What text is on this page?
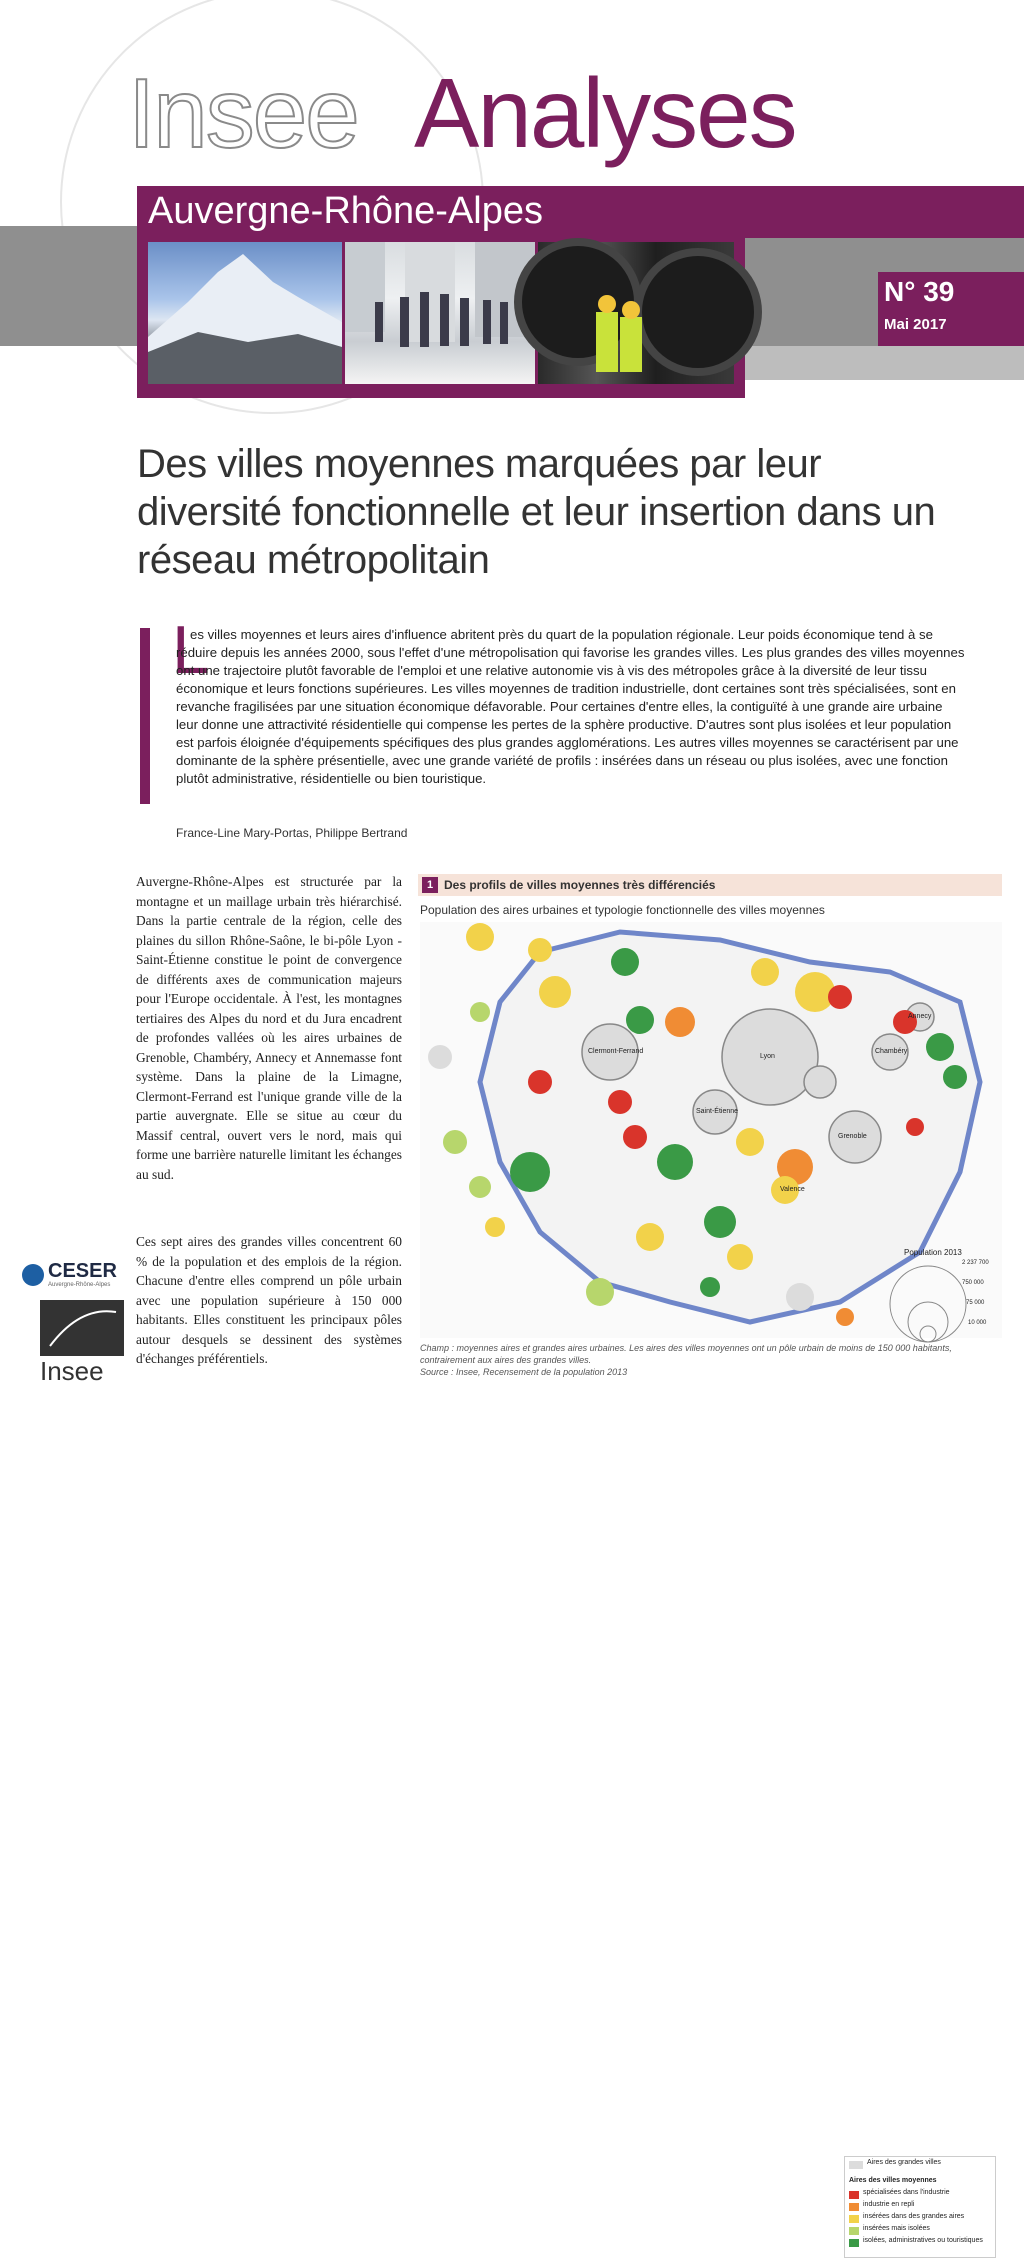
Insee Analyses
Auvergne-Rhône-Alpes
N° 39
Mai 2017
Des villes moyennes marquées par leur diversité fonctionnelle et leur insertion dans un réseau métropolitain
L
es villes moyennes et leurs aires d'influence abritent près du quart de la population régionale. Leur poids économique tend à se réduire depuis les années 2000, sous l'effet d'une métropolisation qui favorise les grandes villes. Les plus grandes des villes moyennes ont une trajectoire plutôt favorable de l'emploi et une relative autonomie vis à vis des métropoles grâce à la diversité de leur tissu économique et leurs fonctions supérieures. Les villes moyennes de tradition industrielle, dont certaines sont très spécialisées, sont en revanche fragilisées par une situation économique défavorable. Pour certaines d'entre elles, la contiguïté à une grande aire urbaine leur donne une attractivité résidentielle qui compense les pertes de la sphère productive. D'autres sont plus isolées et leur population est parfois éloignée d'équipements spécifiques des plus grandes agglomérations. Les autres villes moyennes se caractérisent par une dominante de la sphère présentielle, avec une grande variété de profils : insérées dans un réseau ou plus isolées, avec une fonction plutôt administrative, résidentielle ou bien touristique.
France-Line Mary-Portas, Philippe Bertrand
Auvergne-Rhône-Alpes est structurée par la montagne et un maillage urbain très hiérarchisé. Dans la partie centrale de la région, celle des plaines du sillon Rhône-Saône, le bi-pôle Lyon - Saint-Étienne constitue le point de convergence de différents axes de communication majeurs pour l'Europe occidentale. À l'est, les montagnes tertiaires des Alpes du nord et du Jura encadrent de profondes vallées où les aires urbaines de Grenoble, Chambéry, Annecy et Annemasse font système. Dans la plaine de la Limagne, Clermont-Ferrand est l'unique grande ville de la partie auvergnate. Elle se situe au cœur du Massif central, ouvert vers le nord, mais qui forme une barrière naturelle limitant les échanges au sud.
Ces sept aires des grandes villes concentrent 60 % de la population et des emplois de la région. Chacune d'entre elles comprend un pôle urbain avec une population supérieure à 150 000 habitants. Elles constituent les principaux pôles autour desquels se dessinent des systèmes d'échanges préférentiels.
CESER
Auvergne-Rhône-Alpes
Insee
1 Des profils de villes moyennes très différenciés
Population des aires urbaines et typologie fonctionnelle des villes moyennes
Lyon
Clermont-Ferrand
Saint-Étienne
Grenoble
Chambéry
Annecy
Valence
Aires des grandes villes
Aires des villes moyennes
spécialisées dans l'industrie
industrie en repli
insérées dans des grandes aires
insérées mais isolées
isolées, administratives ou touristiques
Population 2013
2 237 700
750 000
75 000
10 000
Champ : moyennes aires et grandes aires urbaines. Les aires des villes moyennes ont un pôle urbain de moins de 150 000 habitants, contrairement aux aires des grandes villes.
Source : Insee, Recensement de la population 2013
